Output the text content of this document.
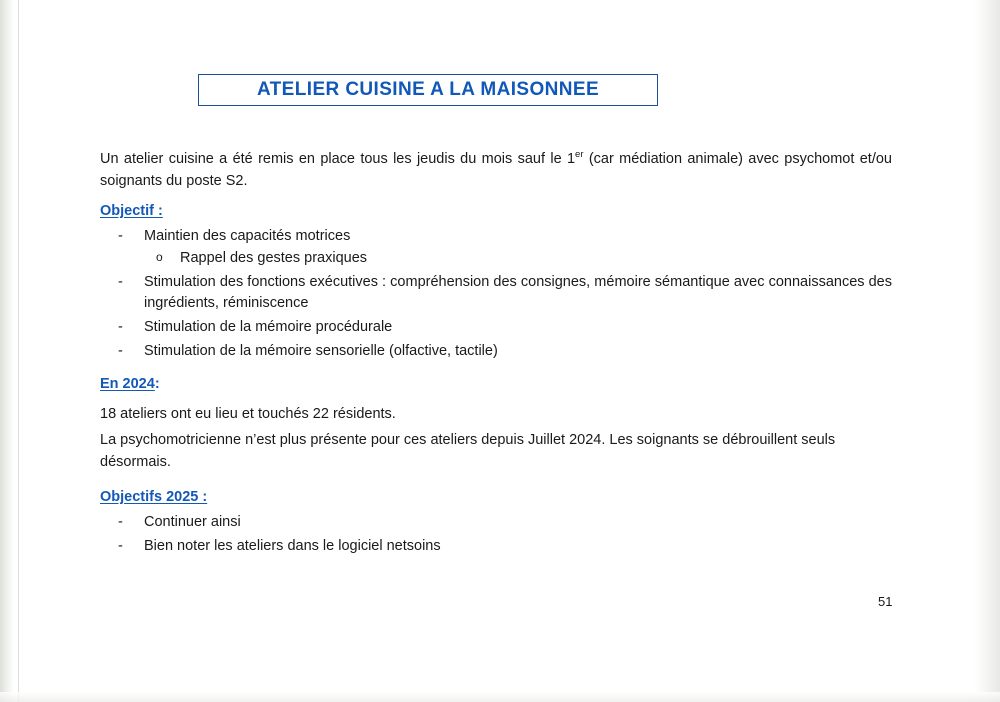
ATELIER CUISINE A LA MAISONNEE
Un atelier cuisine a été remis en place tous les jeudis du mois sauf le 1er (car médiation animale) avec psychomot et/ou soignants du poste S2.
Objectif :
- Maintien des capacités motrices
o Rappel des gestes praxiques
- Stimulation des fonctions exécutives : compréhension des consignes, mémoire sémantique avec connaissances des ingrédients, réminiscence
- Stimulation de la mémoire procédurale
- Stimulation de la mémoire sensorielle (olfactive, tactile)
En 2024:
18 ateliers ont eu lieu et touchés 22 résidents.
La psychomotricienne n’est plus présente pour ces ateliers depuis Juillet 2024. Les soignants se débrouillent seuls désormais.
Objectifs 2025 :
- Continuer ainsi
- Bien noter les ateliers dans le logiciel netsoins
51
